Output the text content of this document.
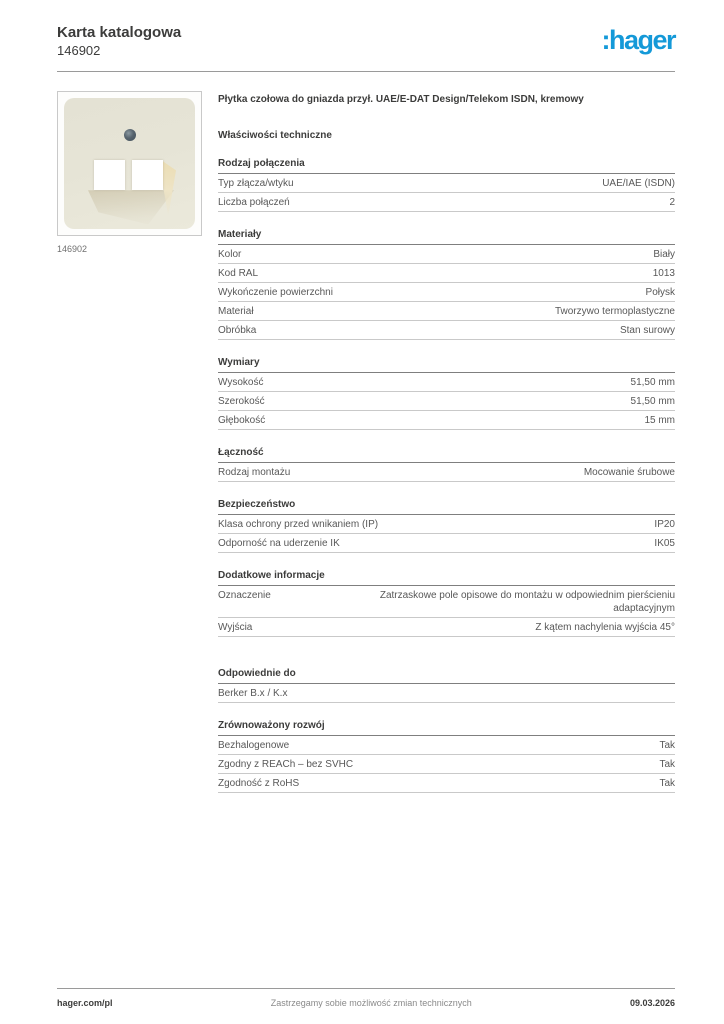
Karta katalogowa
146902	:hager
146902
Płytka czołowa do gniazda przył. UAE/E-DAT Design/Telekom ISDN, kremowy
Właściwości techniczne
Rodzaj połączenia
Typ złącza/wtyku	UAE/IAE (ISDN)
Liczba połączeń	2
Materiały
Kolor	Biały
Kod RAL	1013
Wykończenie powierzchni	Połysk
Materiał	Tworzywo termoplastyczne
Obróbka	Stan surowy
Wymiary
Wysokość	51,50 mm
Szerokość	51,50 mm
Głębokość	15 mm
Łączność
Rodzaj montażu	Mocowanie śrubowe
Bezpieczeństwo
Klasa ochrony przed wnikaniem (IP)	IP20
Odporność na uderzenie IK	IK05
Dodatkowe informacje
Oznaczenie	Zatrzaskowe pole opisowe do montażu w odpowiednim pierścieniu adaptacyjnym
Wyjścia	Z kątem nachylenia wyjścia 45°
Odpowiednie do
Berker B.x / K.x
Zrównoważony rozwój
Bezhalogenowe	Tak
Zgodny z REACh – bez SVHC	Tak
Zgodność z RoHS	Tak
hager.com/pl	Zastrzegamy sobie możliwość zmian technicznych	09.03.2026
